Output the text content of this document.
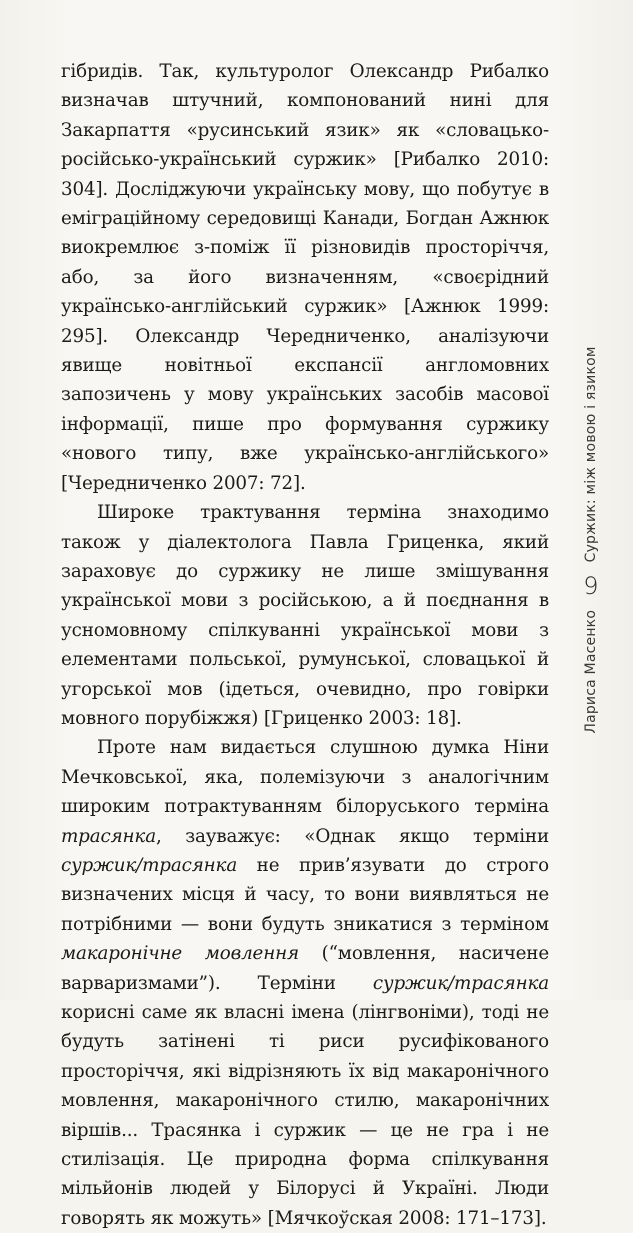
гібридів. Так, культуролог Олександр Рибалко визначав штучний, компонований нині для Закарпаття «русинський язик» як «словацько-російсько-український суржик» [Рибалко 2010: 304]. Досліджуючи українську мову, що побутує в еміграційному середовищі Канади, Богдан Ажнюк виокремлює з-поміж її різновидів просторіччя, або, за його визначенням, «своєрідний українсько-англійський суржик» [Ажнюк 1999: 295]. Олександр Чередниченко, аналізуючи явище новітньої експансії англомовних запозичень у мову українських засобів масової інформації, пише про формування суржику «нового типу, вже українсько-англійського» [Чередниченко 2007: 72].

Широке трактування терміна знаходимо також у діалектолога Павла Гриценка, який зараховує до суржику не лише змішування української мови з російською, а й поєднання в усномовному спілкуванні української мови з елементами польської, румунської, словацької й угорської мов (ідеться, очевидно, про говірки мовного порубіжжя) [Гриценко 2003: 18].

Проте нам видається слушною думка Ніни Мечковської, яка, полемізуючи з аналогічним широким потрактуванням білоруського терміна трасянка, зауважує: «Однак якщо терміни суржик/трасянка не прив’язувати до строго визначених місця й часу, то вони виявляться не потрібними — вони будуть зникатися з терміном макаронічне мовлення (“мовлення, насичене варваризмами”). Терміни суржик/трасянка корисні саме як власні імена (лінгвоніми), тоді не будуть затінені ті риси русифікованого просторіччя, які відрізняють їх від макаронічного мовлення, макаронічного стилю, макаронічних віршів... Трасянка і суржик — це не гра і не стилізація. Це природна форма спілкування мільйонів людей у Білорусі й Україні. Люди говорять як можуть» [Мячкоўская 2008: 171–173].

Лариса Масенко
9
Суржик: між мовою і язиком
